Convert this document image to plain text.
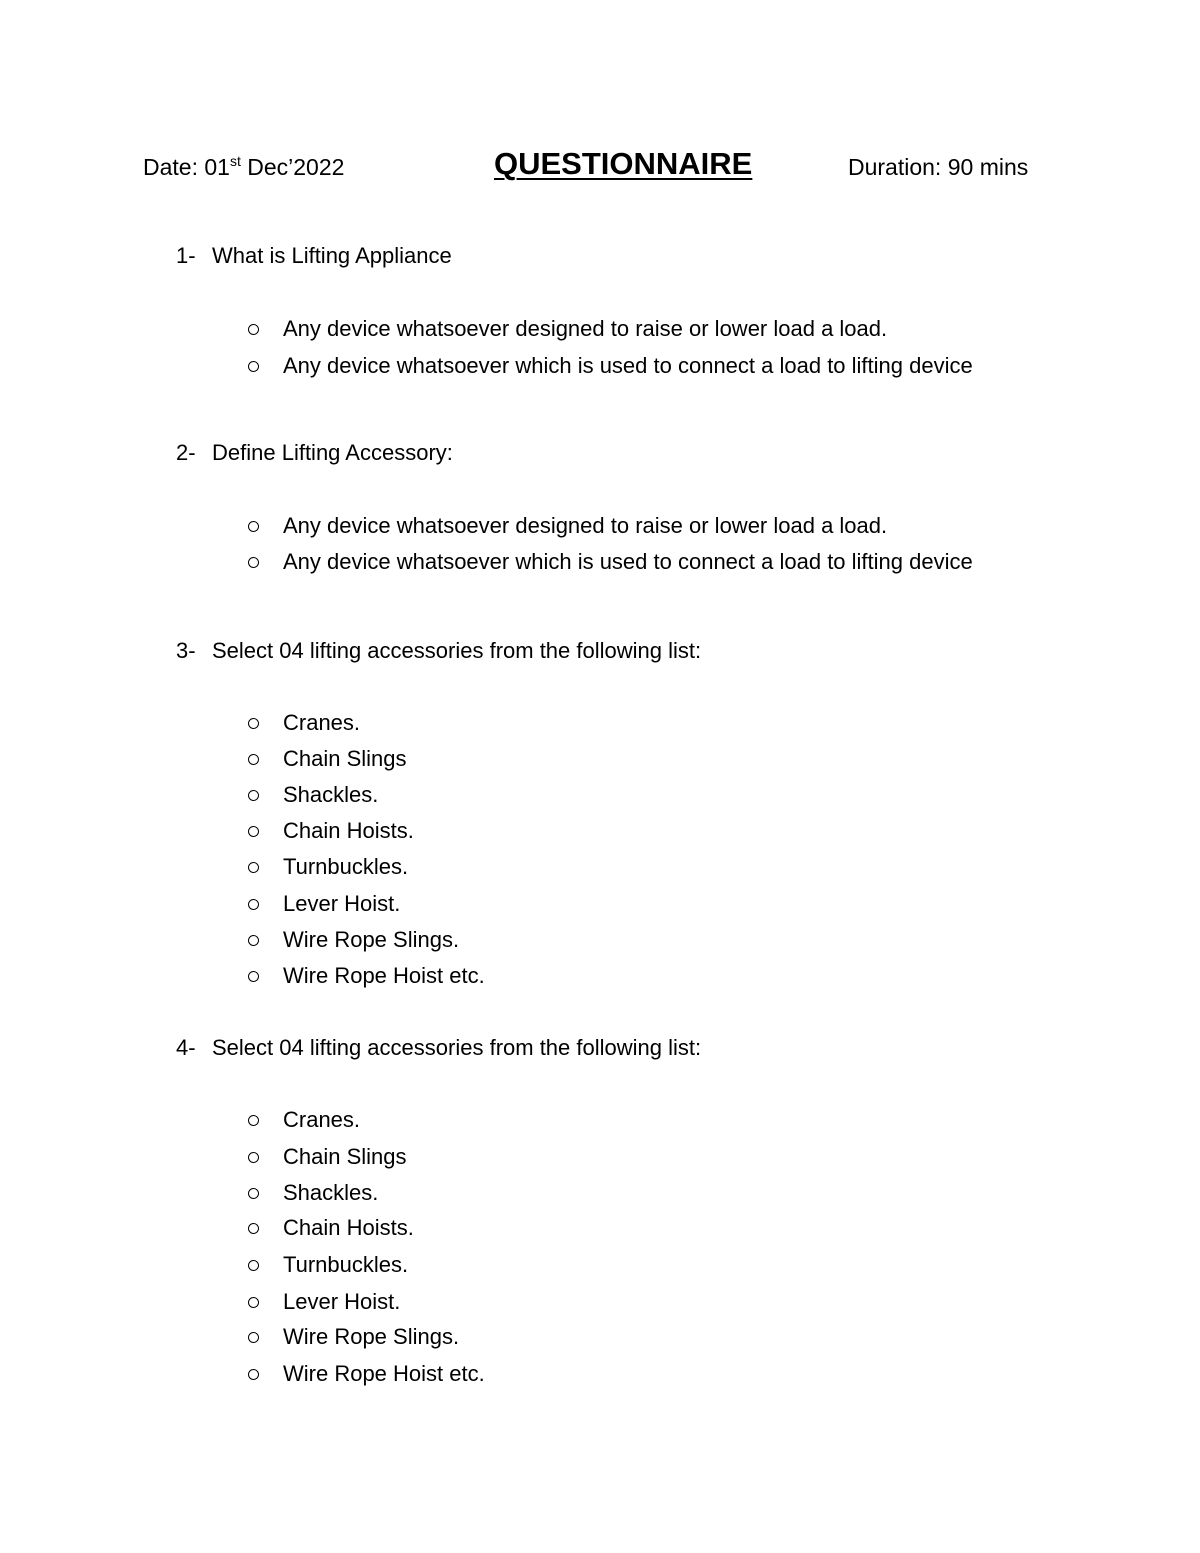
Date: 01st Dec’2022	QUESTIONNAIRE	Duration: 90 mins
1- What is Lifting Appliance
Any device whatsoever designed to raise or lower load a load.
Any device whatsoever which is used to connect a load to lifting device
2- Define Lifting Accessory:
Any device whatsoever designed to raise or lower load a load.
Any device whatsoever which is used to connect a load to lifting device
3- Select 04 lifting accessories from the following list:
Cranes.
Chain Slings
Shackles.
Chain Hoists.
Turnbuckles.
Lever Hoist.
Wire Rope Slings.
Wire Rope Hoist etc.
4- Select 04 lifting accessories from the following list:
Cranes.
Chain Slings
Shackles.
Chain Hoists.
Turnbuckles.
Lever Hoist.
Wire Rope Slings.
Wire Rope Hoist etc.
